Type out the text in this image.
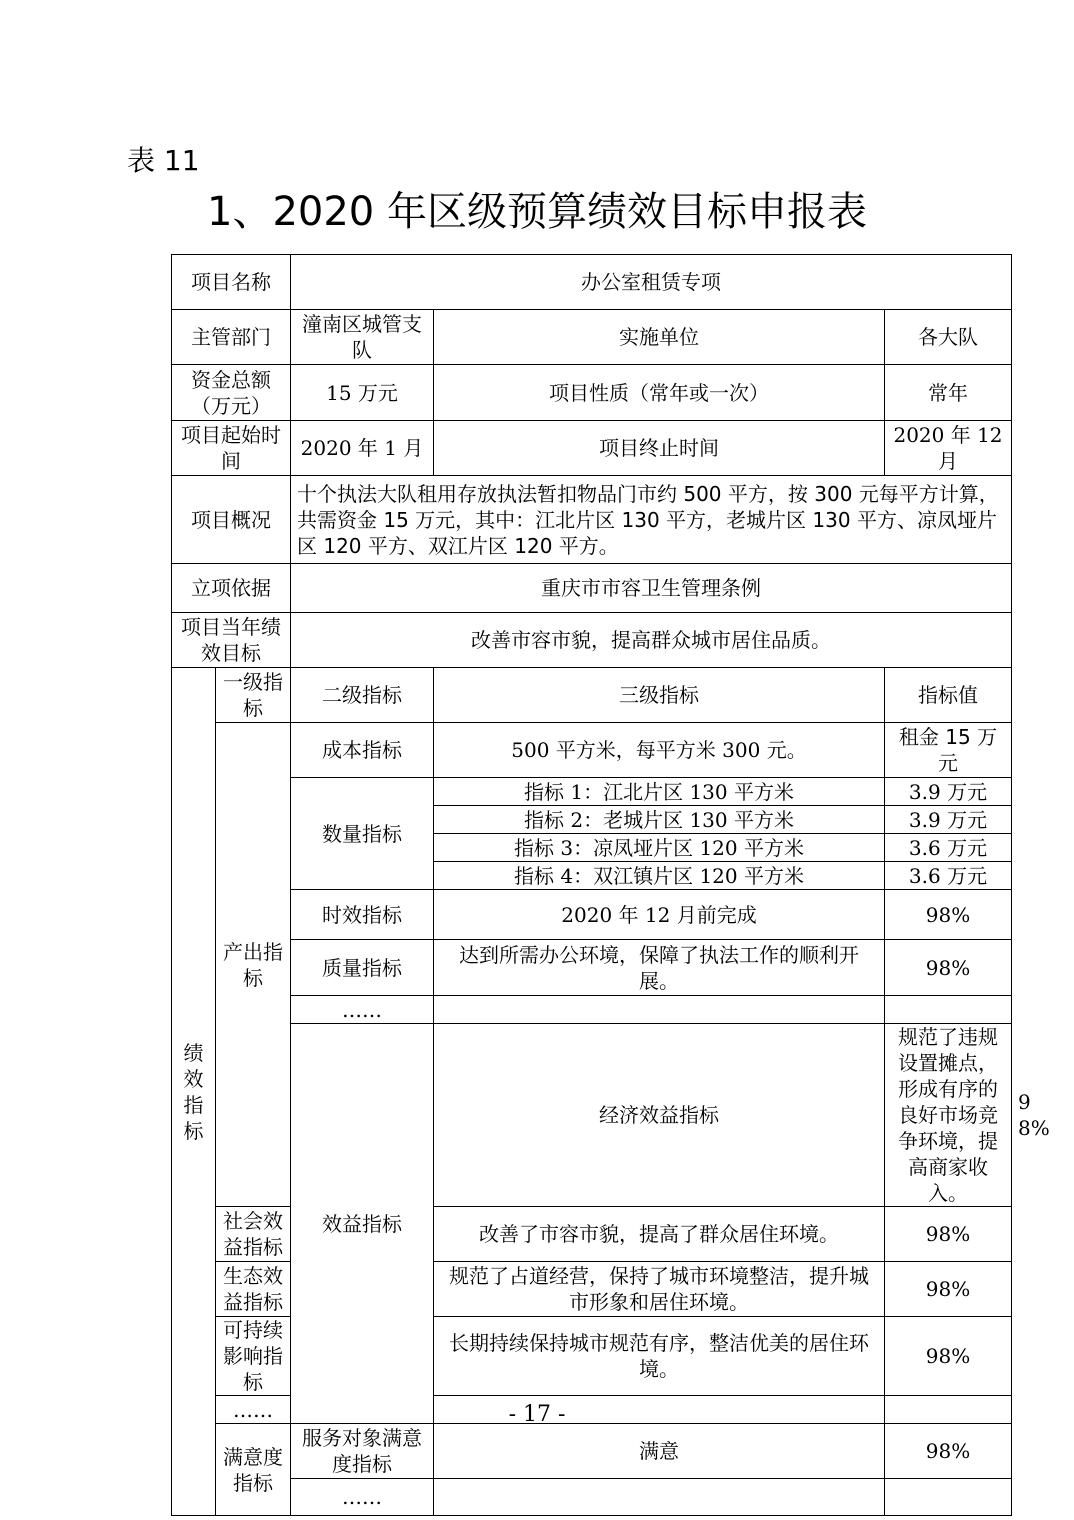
表 11
1、2020 年区级预算绩效目标申报表
项目名称		办公室租赁专项			
主管部门		潼南区城管支队	实施单位	各大队	
资金总额（万元）		15 万元	项目性质（常年或一次）	常年	
项目起始时间		2020 年 1 月	项目终止时间	2020 年 12 月	
项目概况		十个执法大队租用存放执法暂扣物品门市约 500 平方，按 300 元每平方计算，共需资金 15 万元，其中：江北片区 130 平方，老城片区 130 平方、凉凤垭片区 120 平方、双江片区 120 平方。			
立项依据		重庆市市容卫生管理条例			
项目当年绩效目标		改善市容市貌，提高群众城市居住品质。			
绩效指标	一级指标	二级指标	三级指标	指标值	
	产出指标	成本指标	500 平方米，每平方米 300 元。	租金 15 万元	
		数量指标	指标 1：江北片区 130 平方米	3.9 万元	
			指标 2：老城片区 130 平方米	3.9 万元	
			指标 3：凉凤垭片区 120 平方米	3.6 万元	
			指标 4：双江镇片区 120 平方米	3.6 万元	
		时效指标	2020 年 12 月前完成	98%	
		质量指标	达到所需办公环境，保障了执法工作的顺利开展。	98%	
		……			
		效益指标	经济效益指标	规范了违规设置摊点，形成有序的良好市场竞争环境，提高商家收入。	98%
	社会效益指标		改善了市容市貌，提高了群众居住环境。	98%	
	生态效益指标		规范了占道经营，保持了城市环境整洁，提升城市形象和居住环境。	98%	
	可持续影响指标		长期持续保持城市规范有序，整洁优美的居住环境。	98%	
	……				
	满意度指标	服务对象满意度指标	满意	98%	
		……			
- 17 -
